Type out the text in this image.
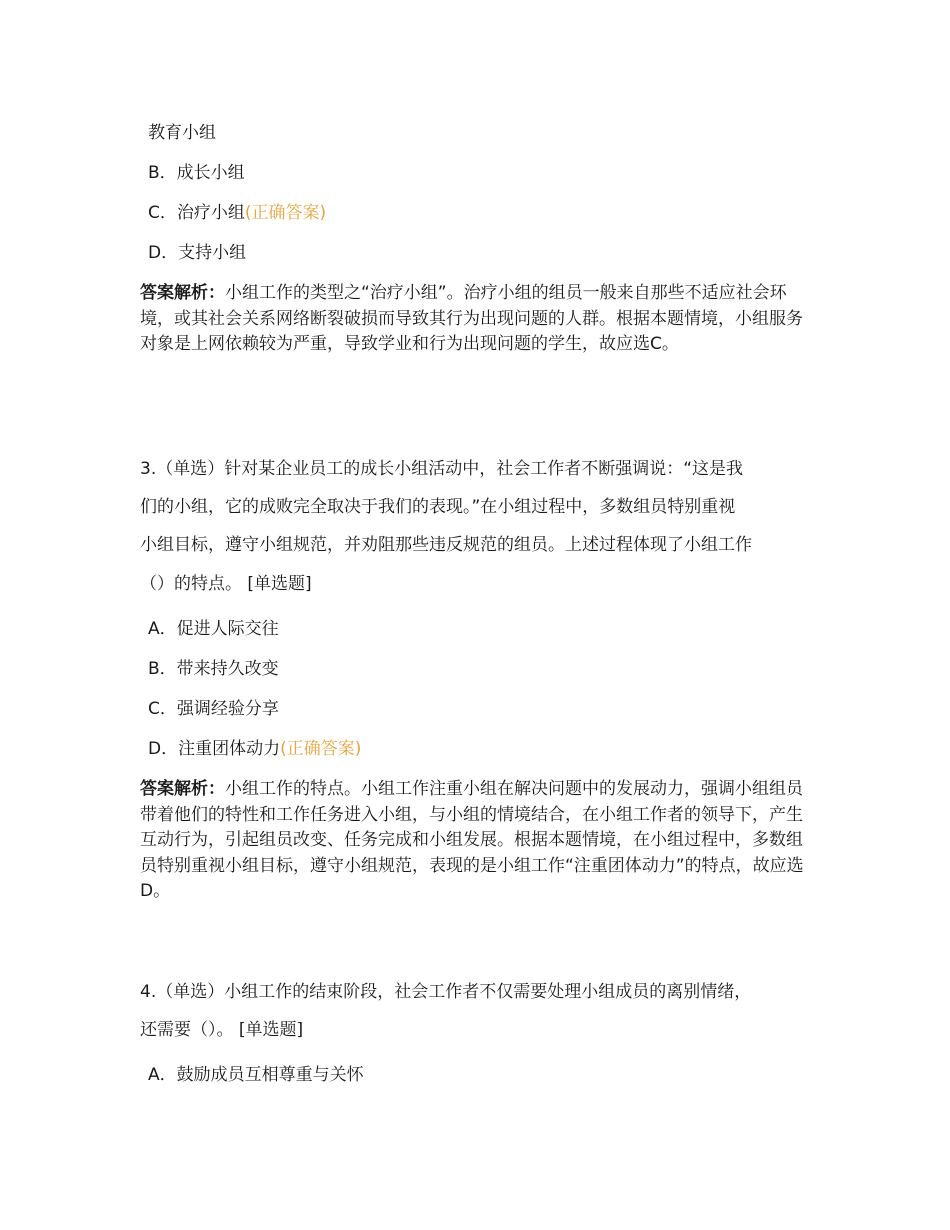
教育小组
B．成长小组
C．治疗小组(正确答案)
D．支持小组
答案解析：小组工作的类型之“治疗小组”。治疗小组的组员一般来自那些不适应社会环境，或其社会关系网络断裂破损而导致其行为出现问题的人群。根据本题情境，小组服务对象是上网依赖较为严重，导致学业和行为出现问题的学生，故应选C。
3.（单选）针对某企业员工的成长小组活动中，社会工作者不断强调说：“这是我
们的小组，它的成败完全取决于我们的表现。”在小组过程中，多数组员特别重视
小组目标，遵守小组规范，并劝阻那些违反规范的组员。上述过程体现了小组工作
（）的特点。 [单选题]
A．促进人际交往
B．带来持久改变
C．强调经验分享
D．注重团体动力(正确答案)
答案解析：小组工作的特点。小组工作注重小组在解决问题中的发展动力，强调小组组员带着他们的特性和工作任务进入小组，与小组的情境结合，在小组工作者的领导下，产生互动行为，引起组员改变、任务完成和小组发展。根据本题情境，在小组过程中，多数组员特别重视小组目标，遵守小组规范，表现的是小组工作“注重团体动力”的特点，故应选D。
4.（单选）小组工作的结束阶段，社会工作者不仅需要处理小组成员的离别情绪，
还需要（）。 [单选题]
A．鼓励成员互相尊重与关怀
